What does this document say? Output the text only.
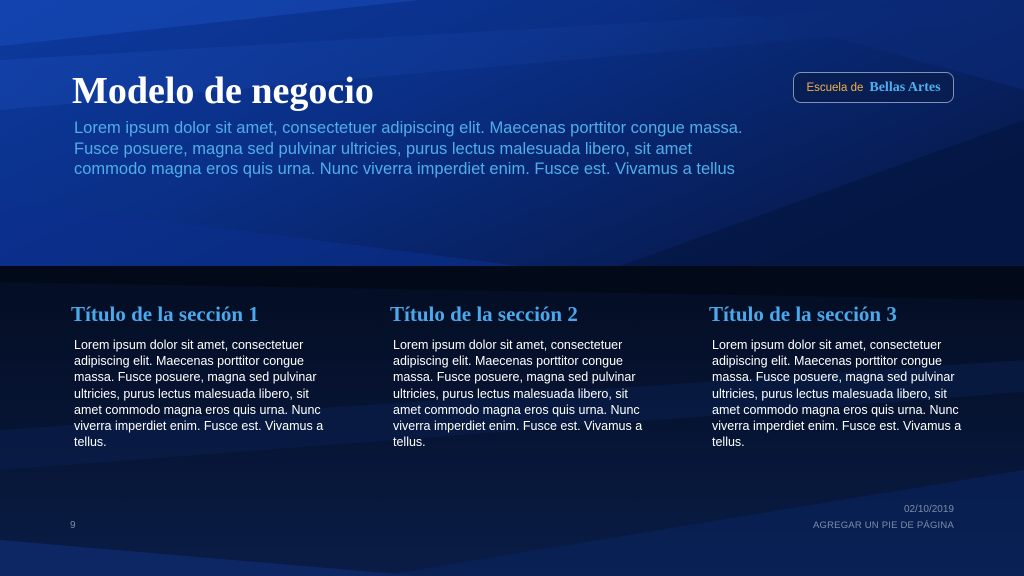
Modelo de negocio

Lorem ipsum dolor sit amet, consectetuer adipiscing elit. Maecenas porttitor congue massa. Fusce posuere, magna sed pulvinar ultricies, purus lectus malesuada libero, sit amet commodo magna eros quis urna. Nunc viverra imperdiet enim. Fusce est. Vivamus a tellus

Escuela de Bellas Artes
Título de la sección 1

Lorem ipsum dolor sit amet, consectetuer adipiscing elit. Maecenas porttitor congue massa. Fusce posuere, magna sed pulvinar ultricies, purus lectus malesuada libero, sit amet commodo magna eros quis urna. Nunc viverra imperdiet enim. Fusce est. Vivamus a tellus.

Título de la sección 2

Lorem ipsum dolor sit amet, consectetuer adipiscing elit. Maecenas porttitor congue massa. Fusce posuere, magna sed pulvinar ultricies, purus lectus malesuada libero, sit amet commodo magna eros quis urna. Nunc viverra imperdiet enim. Fusce est. Vivamus a tellus.

Título de la sección 3

Lorem ipsum dolor sit amet, consectetuer adipiscing elit. Maecenas porttitor congue massa. Fusce posuere, magna sed pulvinar ultricies, purus lectus malesuada libero, sit amet commodo magna eros quis urna. Nunc viverra imperdiet enim. Fusce est. Vivamus a tellus.

02/10/2019
AGREGAR UN PIE DE PÁGINA
9
